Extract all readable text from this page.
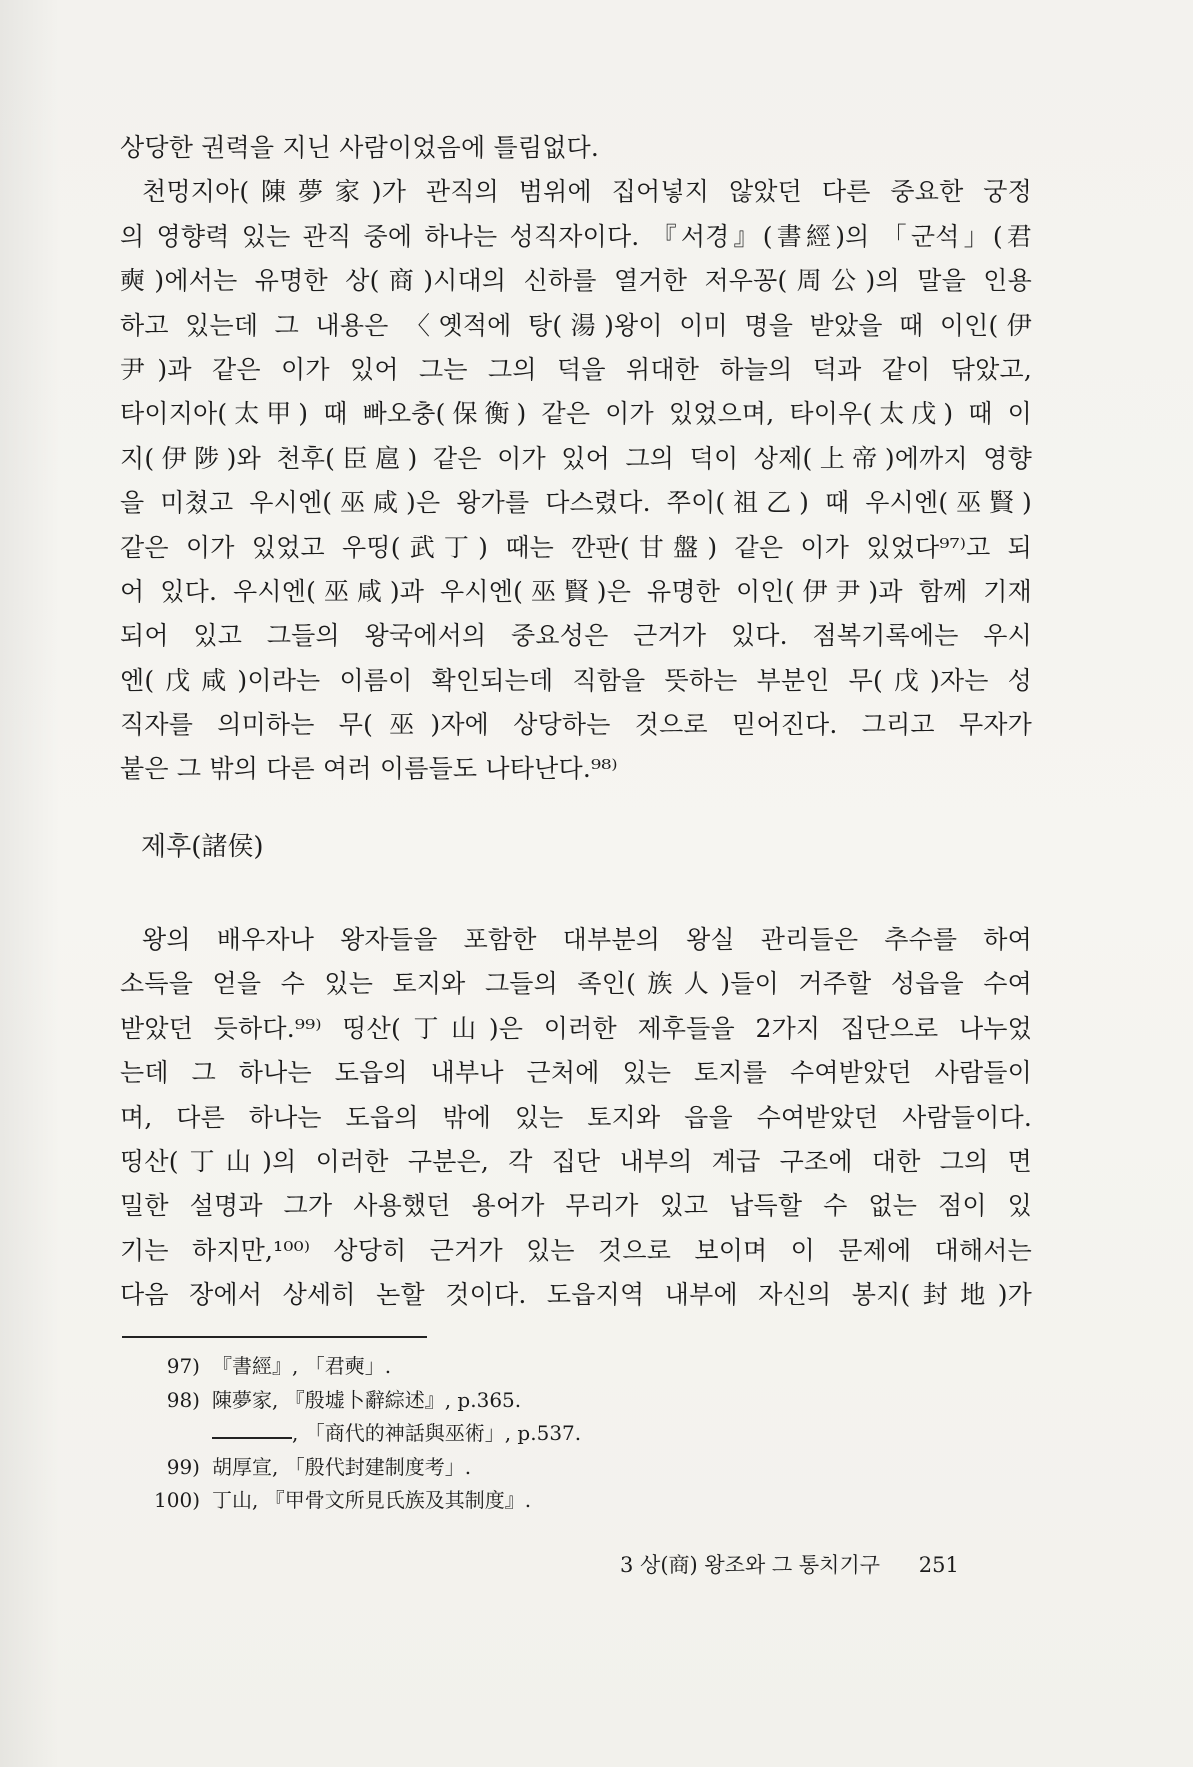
상당한 권력을 지닌 사람이었음에 틀림없다.
천멍지아(陳夢家)가 관직의 범위에 집어넣지 않았던 다른 중요한 궁정
의 영향력 있는 관직 중에 하나는 성직자이다. 『서경』(書經)의 「군석」(君
奭)에서는 유명한 상(商)시대의 신하를 열거한 저우꽁(周公)의 말을 인용
하고 있는데 그 내용은 〈옛적에 탕(湯)왕이 이미 명을 받았을 때 이인(伊
尹)과 같은 이가 있어 그는 그의 덕을 위대한 하늘의 덕과 같이 닦았고,
타이지아(太甲) 때 빠오충(保衡) 같은 이가 있었으며, 타이우(太戊) 때 이
지(伊陟)와 천후(臣扈) 같은 이가 있어 그의 덕이 상제(上帝)에까지 영향
을 미쳤고 우시엔(巫咸)은 왕가를 다스렸다. 쭈이(祖乙) 때 우시엔(巫賢)
같은 이가 있었고 우띵(武丁) 때는 깐판(甘盤) 같은 이가 있었다⁹⁷⁾고 되
어 있다. 우시엔(巫咸)과 우시엔(巫賢)은 유명한 이인(伊尹)과 함께 기재
되어 있고 그들의 왕국에서의 중요성은 근거가 있다. 점복기록에는 우시
엔(戊咸)이라는 이름이 확인되는데 직함을 뜻하는 부분인 무(戊)자는 성
직자를 의미하는 무(巫)자에 상당하는 것으로 믿어진다. 그리고 무자가
붙은 그 밖의 다른 여러 이름들도 나타난다.⁹⁸⁾
제후(諸侯)
왕의 배우자나 왕자들을 포함한 대부분의 왕실 관리들은 추수를 하여
소득을 얻을 수 있는 토지와 그들의 족인(族人)들이 거주할 성읍을 수여
받았던 듯하다.⁹⁹⁾ 띵산(丁山)은 이러한 제후들을 2가지 집단으로 나누었
는데 그 하나는 도읍의 내부나 근처에 있는 토지를 수여받았던 사람들이
며, 다른 하나는 도읍의 밖에 있는 토지와 읍을 수여받았던 사람들이다.
띵산(丁山)의 이러한 구분은, 각 집단 내부의 계급 구조에 대한 그의 면
밀한 설명과 그가 사용했던 용어가 무리가 있고 납득할 수 없는 점이 있
기는 하지만,¹⁰⁰⁾ 상당히 근거가 있는 것으로 보이며 이 문제에 대해서는
다음 장에서 상세히 논할 것이다. 도읍지역 내부에 자신의 봉지(封地)가
97) 『書經』, 「君奭」.
98) 陳夢家, 『殷墟卜辭綜述』, p.365.
, 「商代的神話與巫術」, p.537.
99) 胡厚宣, 「殷代封建制度考」.
100) 丁山, 『甲骨文所見氏族及其制度』.
3 상(商) 왕조와 그 통치기구 251
